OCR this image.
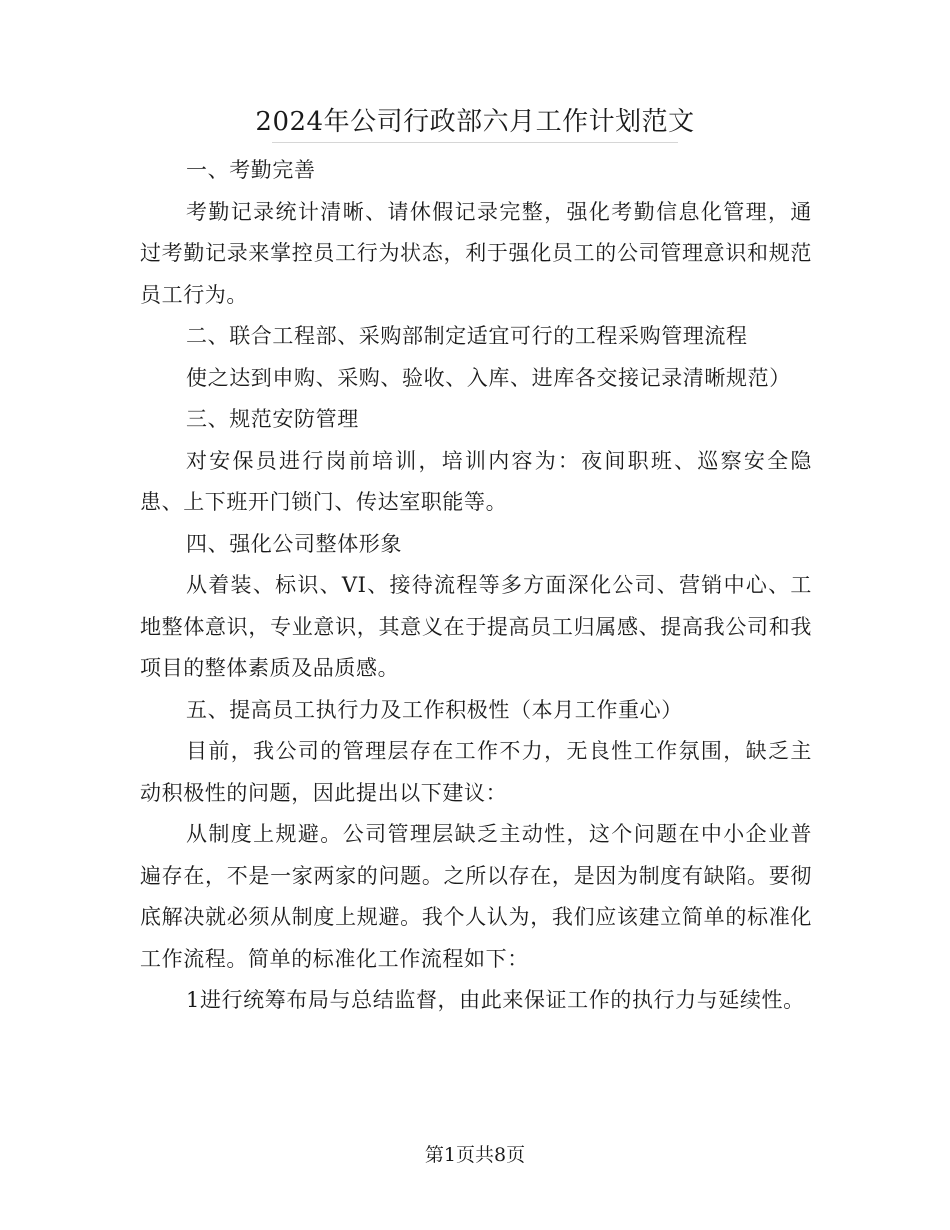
2024年公司行政部六月工作计划范文

一、考勤完善

考勤记录统计清晰、请休假记录完整，强化考勤信息化管理，通过考勤记录来掌控员工行为状态，利于强化员工的公司管理意识和规范员工行为。

二、联合工程部、采购部制定适宜可行的工程采购管理流程

使之达到申购、采购、验收、入库、进库各交接记录清晰规范）

三、规范安防管理

对安保员进行岗前培训，培训内容为：夜间职班、巡察安全隐患、上下班开门锁门、传达室职能等。

四、强化公司整体形象

从着装、标识、VI、接待流程等多方面深化公司、营销中心、工地整体意识，专业意识，其意义在于提高员工归属感、提高我公司和我项目的整体素质及品质感。

五、提高员工执行力及工作积极性（本月工作重心）

目前，我公司的管理层存在工作不力，无良性工作氛围，缺乏主动积极性的问题，因此提出以下建议：

从制度上规避。公司管理层缺乏主动性，这个问题在中小企业普遍存在，不是一家两家的问题。之所以存在，是因为制度有缺陷。要彻底解决就必须从制度上规避。我个人认为，我们应该建立简单的标准化工作流程。简单的标准化工作流程如下：

1进行统筹布局与总结监督，由此来保证工作的执行力与延续性。

第1页共8页
